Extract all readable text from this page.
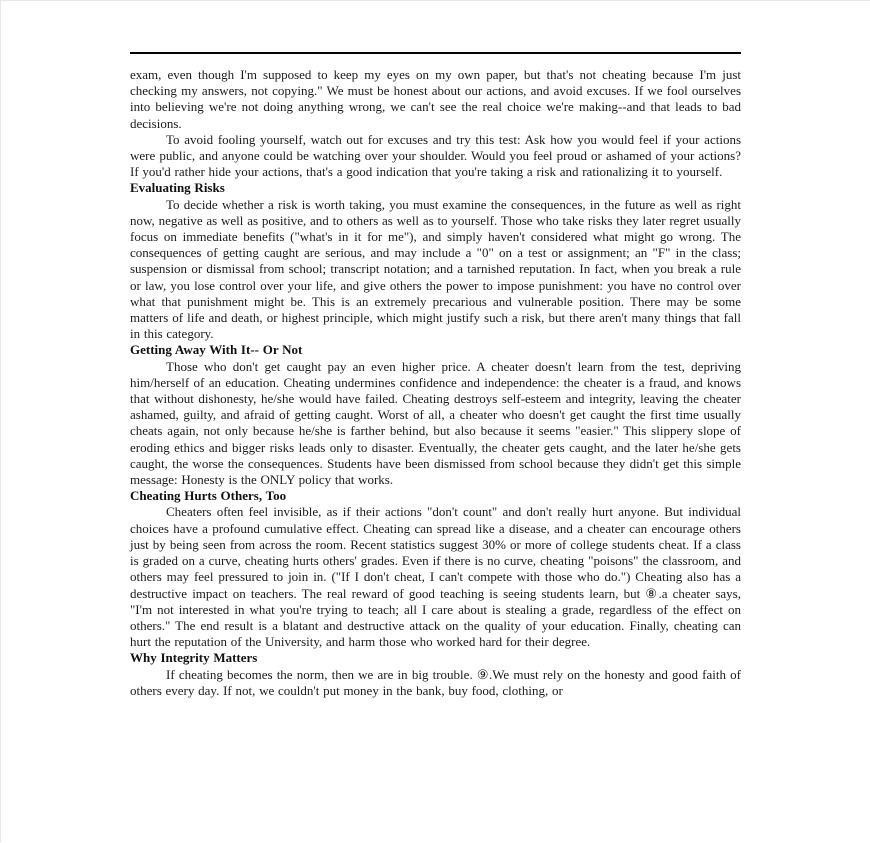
exam, even though I'm supposed to keep my eyes on my own paper, but that's not cheating because I'm just checking my answers, not copying." We must be honest about our actions, and avoid excuses. If we fool ourselves into believing we're not doing anything wrong, we can't see the real choice we're making--and that leads to bad decisions.

To avoid fooling yourself, watch out for excuses and try this test: Ask how you would feel if your actions were public, and anyone could be watching over your shoulder. Would you feel proud or ashamed of your actions? If you'd rather hide your actions, that's a good indication that you're taking a risk and rationalizing it to yourself.

Evaluating Risks

To decide whether a risk is worth taking, you must examine the consequences, in the future as well as right now, negative as well as positive, and to others as well as to yourself. Those who take risks they later regret usually focus on immediate benefits ("what's in it for me"), and simply haven't considered what might go wrong. The consequences of getting caught are serious, and may include a "0" on a test or assignment; an "F" in the class; suspension or dismissal from school; transcript notation; and a tarnished reputation. In fact, when you break a rule or law, you lose control over your life, and give others the power to impose punishment: you have no control over what that punishment might be. This is an extremely precarious and vulnerable position. There may be some matters of life and death, or highest principle, which might justify such a risk, but there aren't many things that fall in this category.

Getting Away With It-- Or Not

Those who don't get caught pay an even higher price. A cheater doesn't learn from the test, depriving him/herself of an education. Cheating undermines confidence and independence: the cheater is a fraud, and knows that without dishonesty, he/she would have failed. Cheating destroys self-esteem and integrity, leaving the cheater ashamed, guilty, and afraid of getting caught. Worst of all, a cheater who doesn't get caught the first time usually cheats again, not only because he/she is farther behind, but also because it seems "easier." This slippery slope of eroding ethics and bigger risks leads only to disaster. Eventually, the cheater gets caught, and the later he/she gets caught, the worse the consequences. Students have been dismissed from school because they didn't get this simple message: Honesty is the ONLY policy that works.

Cheating Hurts Others, Too

Cheaters often feel invisible, as if their actions "don't count" and don't really hurt anyone. But individual choices have a profound cumulative effect. Cheating can spread like a disease, and a cheater can encourage others just by being seen from across the room. Recent statistics suggest 30% or more of college students cheat. If a class is graded on a curve, cheating hurts others' grades. Even if there is no curve, cheating "poisons" the classroom, and others may feel pressured to join in. ("If I don't cheat, I can't compete with those who do.") Cheating also has a destructive impact on teachers. The real reward of good teaching is seeing students learn, but ⑧.a cheater says, "I'm not interested in what you're trying to teach; all I care about is stealing a grade, regardless of the effect on others." The end result is a blatant and destructive attack on the quality of your education. Finally, cheating can hurt the reputation of the University, and harm those who worked hard for their degree.

Why Integrity Matters

If cheating becomes the norm, then we are in big trouble. ⑨.We must rely on the honesty and good faith of others every day. If not, we couldn't put money in the bank, buy food, clothing, or
